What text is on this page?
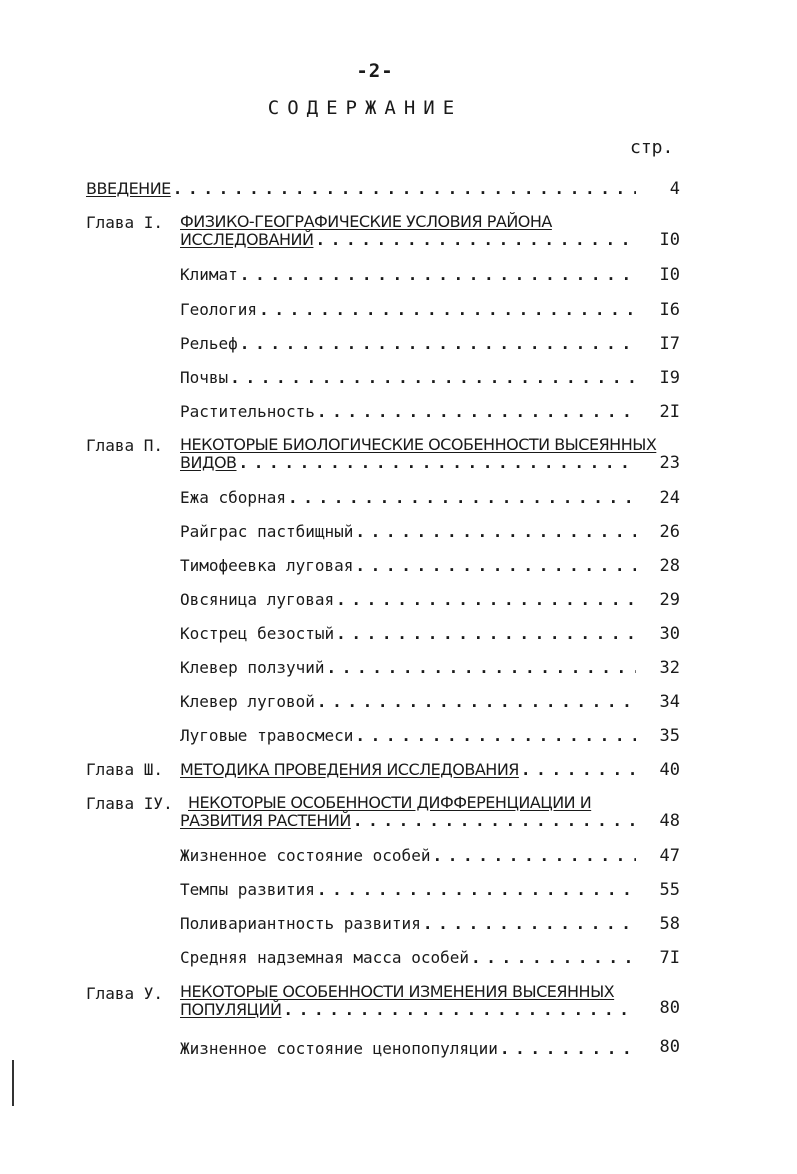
-2-
СОДЕРЖАНИЕ
стр.
ВВЕДЕНИЕ . . .	4
Глава I. ФИЗИКО-ГЕОГРАФИЧЕСКИЕ УСЛОВИЯ РАЙОНА
ИССЛЕДОВАНИЙ . . .	I0
Климат . . .	I0
Геология . . .	I6
Рельеф . . .	I7
Почвы . . .	I9
Растительность . . .	2I
Глава П. НЕКОТОРЫЕ БИОЛОГИЧЕСКИЕ ОСОБЕННОСТИ ВЫСЕЯННЫХ
ВИДОВ . . .	23
Ежа сборная . . .	24
Райграс пастбищный . . .	26
Тимофеевка луговая . . .	28
Овсяница луговая . . .	29
Кострец безостый . . .	30
Клевер ползучий . . .	32
Клевер луговой . . .	34
Луговые травосмеси . . .	35
Глава Ш. МЕТОДИКА ПРОВЕДЕНИЯ ИССЛЕДОВАНИЯ . . .	40
Глава IУ. НЕКОТОРЫЕ ОСОБЕННОСТИ ДИФФЕРЕНЦИАЦИИ И
РАЗВИТИЯ РАСТЕНИЙ . . .	48
Жизненное состояние особей . . .	47
Темпы развития . . .	55
Поливариантность развития . . .	58
Средняя надземная масса особей . . .	7I
Глава У. НЕКОТОРЫЕ ОСОБЕННОСТИ ИЗМЕНЕНИЯ ВЫСЕЯННЫХ
ПОПУЛЯЦИЙ . . .	80
Жизненное состояние ценопопуляции . . .	80
